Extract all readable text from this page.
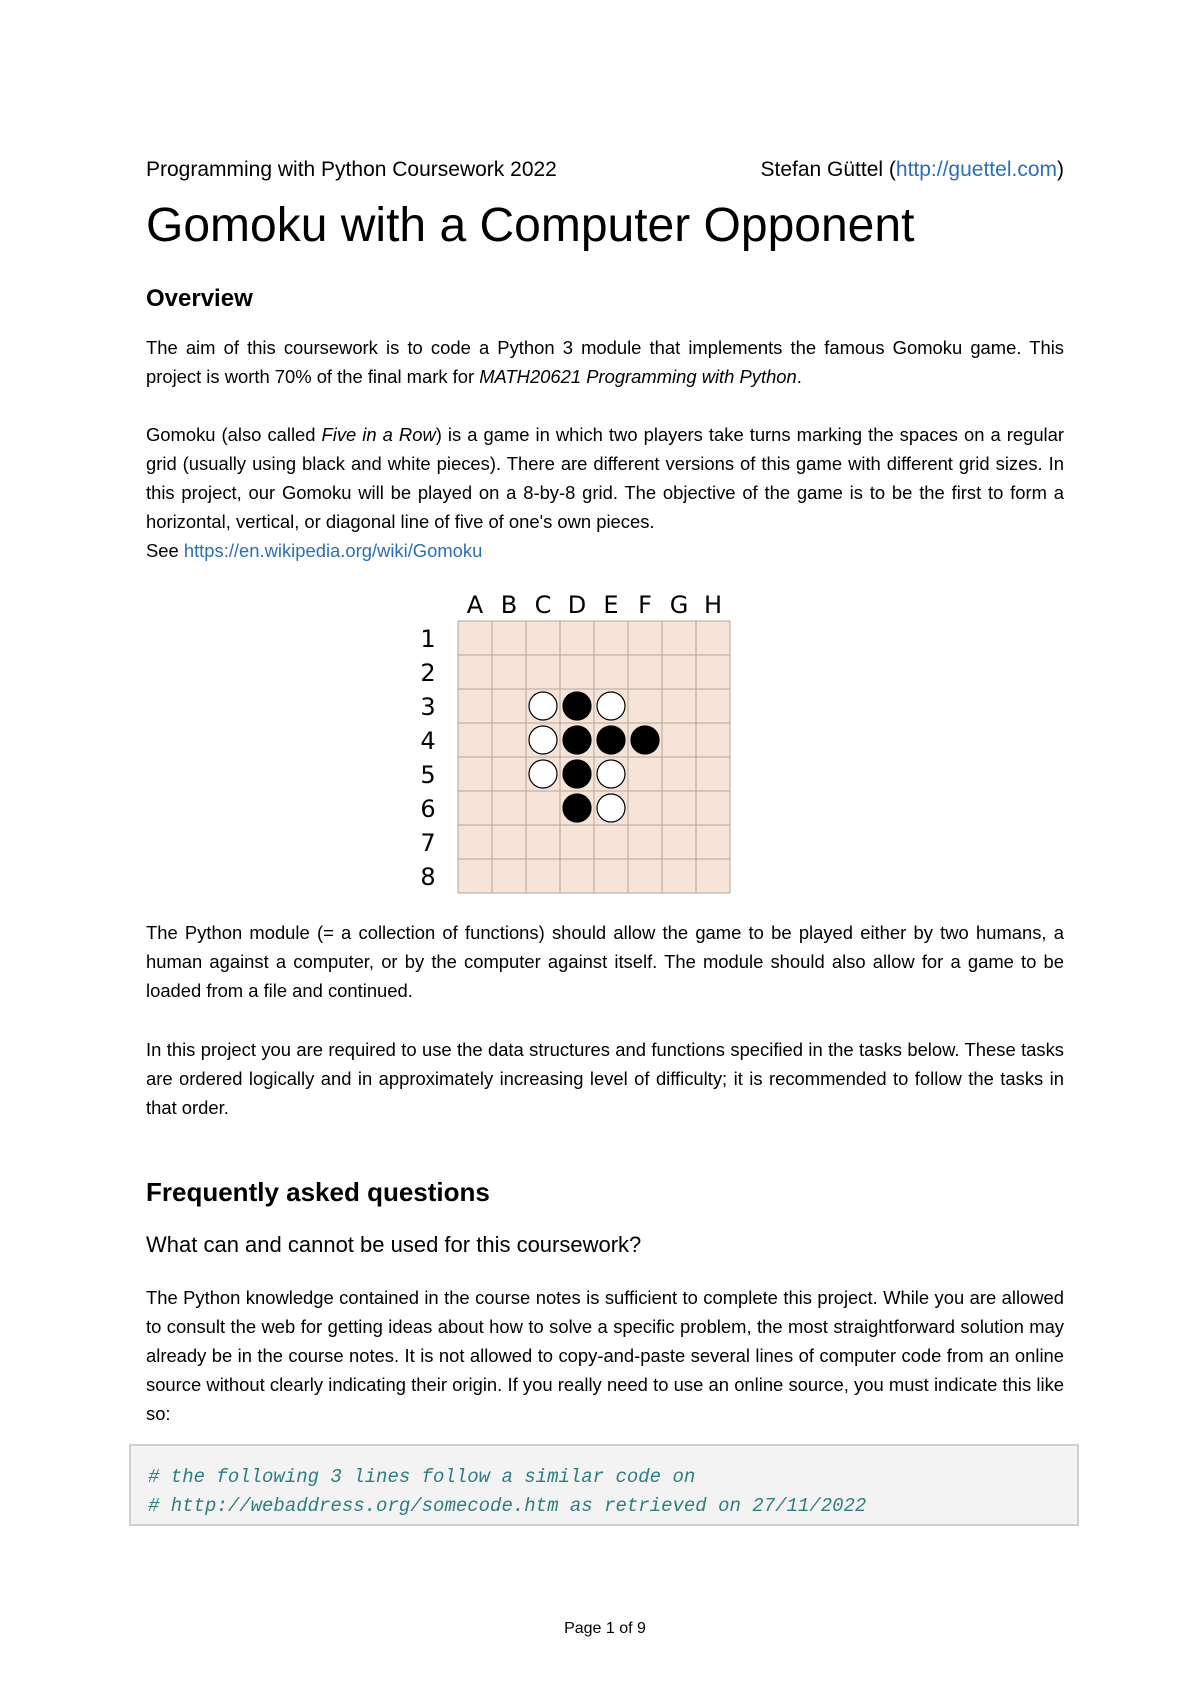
Programming with Python Coursework 2022	Stefan Güttel (http://guettel.com)
Gomoku with a Computer Opponent
Overview

The aim of this coursework is to code a Python 3 module that implements the famous Gomoku game. This project is worth 70% of the final mark for MATH20621 Programming with Python.

Gomoku (also called Five in a Row) is a game in which two players take turns marking the spaces on a regular grid (usually using black and white pieces). There are different versions of this game with different grid sizes. In this project, our Gomoku will be played on a 8-by-8 grid. The objective of the game is to be the first to form a horizontal, vertical, or diagonal line of five of one's own pieces.
See https://en.wikipedia.org/wiki/Gomoku

A B C D E F G H
1
2
3
4
5
6
7
8

The Python module (= a collection of functions) should allow the game to be played either by two humans, a human against a computer, or by the computer against itself. The module should also allow for a game to be loaded from a file and continued.

In this project you are required to use the data structures and functions specified in the tasks below. These tasks are ordered logically and in approximately increasing level of difficulty; it is recommended to follow the tasks in that order.

Frequently asked questions
What can and cannot be used for this coursework?

The Python knowledge contained in the course notes is sufficient to complete this project. While you are allowed to consult the web for getting ideas about how to solve a specific problem, the most straightforward solution may already be in the course notes. It is not allowed to copy-and-paste several lines of computer code from an online source without clearly indicating their origin. If you really need to use an online source, you must indicate this like so:

# the following 3 lines follow a similar code on
# http://webaddress.org/somecode.htm as retrieved on 27/11/2022
Page 1 of 9
